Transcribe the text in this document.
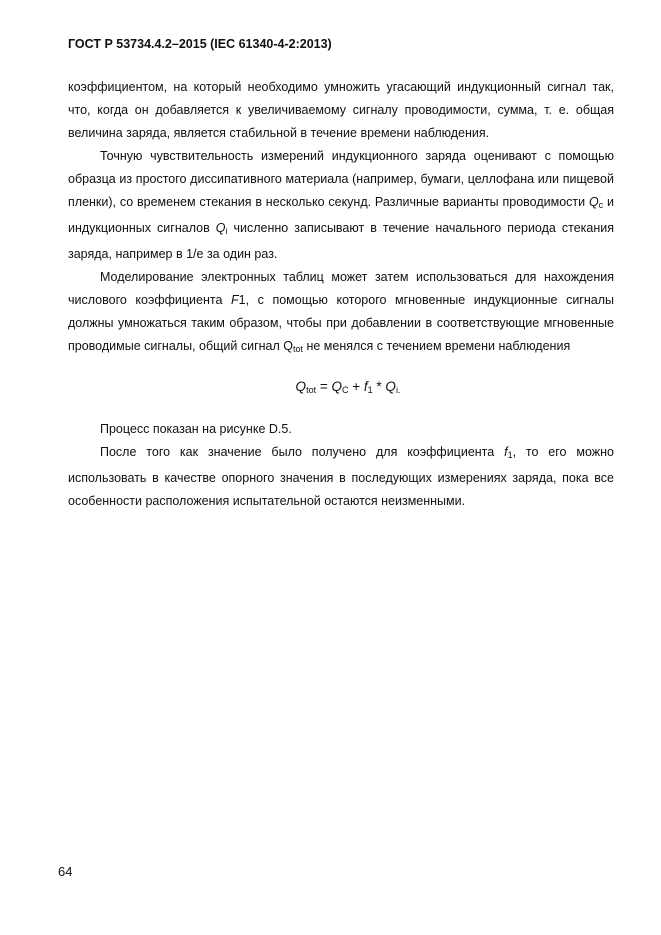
ГОСТ Р 53734.4.2–2015 (IEC 61340-4-2:2013)

коэффициентом, на который необходимо умножить угасающий индукционный сигнал так, что, когда он добавляется к увеличиваемому сигналу проводимости, сумма, т. е. общая величина заряда, является стабильной в течение времени наблюдения.

Точную чувствительность измерений индукционного заряда оценивают с помощью образца из простого диссипативного материала (например, бумаги, целлофана или пищевой пленки), со временем стекания в несколько секунд. Различные варианты проводимости $Q_c$ и индукционных сигналов $Q_i$ численно записывают в течение начального периода стекания заряда, например в 1/e за один раз.

Моделирование электронных таблиц может затем использоваться для нахождения числового коэффициента F1, с помощью которого мгновенные индукционные сигналы должны умножаться таким образом, чтобы при добавлении в соответствующие мгновенные проводимые сигналы, общий сигнал $Q_{tot}$ не менялся с течением времени наблюдения

$Q_{tot} = Q_C + f_1 * Q_{i.}$

Процесс показан на рисунке D.5.

После того как значение было получено для коэффициента $f_1$, то его можно использовать в качестве опорного значения в последующих измерениях заряда, пока все особенности расположения испытательной остаются неизменными.

64
